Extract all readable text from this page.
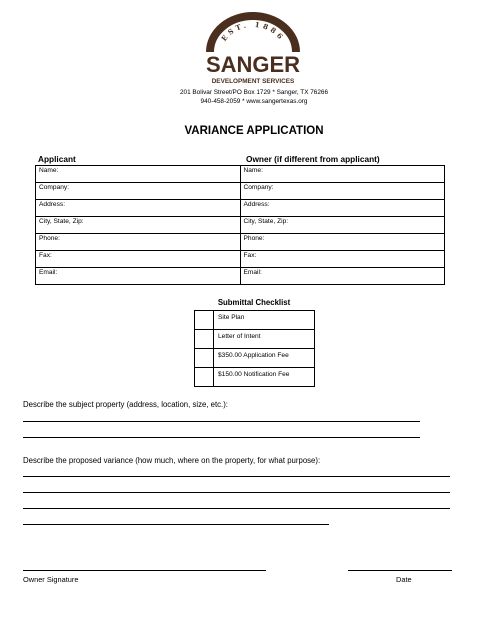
EST. 1886
SANGER
DEVELOPMENT SERVICES
201 Bolivar Street/PO Box 1729 * Sanger, TX 76266
940-458-2059 * www.sangertexas.org
VARIANCE APPLICATION
Applicant	Owner (if different from applicant)
Name:	Name:
Company:	Company:
Address:	Address:
City, State, Zip:	City, State, Zip:
Phone:	Phone:
Fax:	Fax:
Email:	Email:
Submittal Checklist
	Site Plan
	Letter of Intent
	$350.00 Application Fee
	$150.00 Notification Fee
Describe the subject property (address, location, size, etc.):
Describe the proposed variance (how much, where on the property, for what purpose):
Owner Signature	Date
